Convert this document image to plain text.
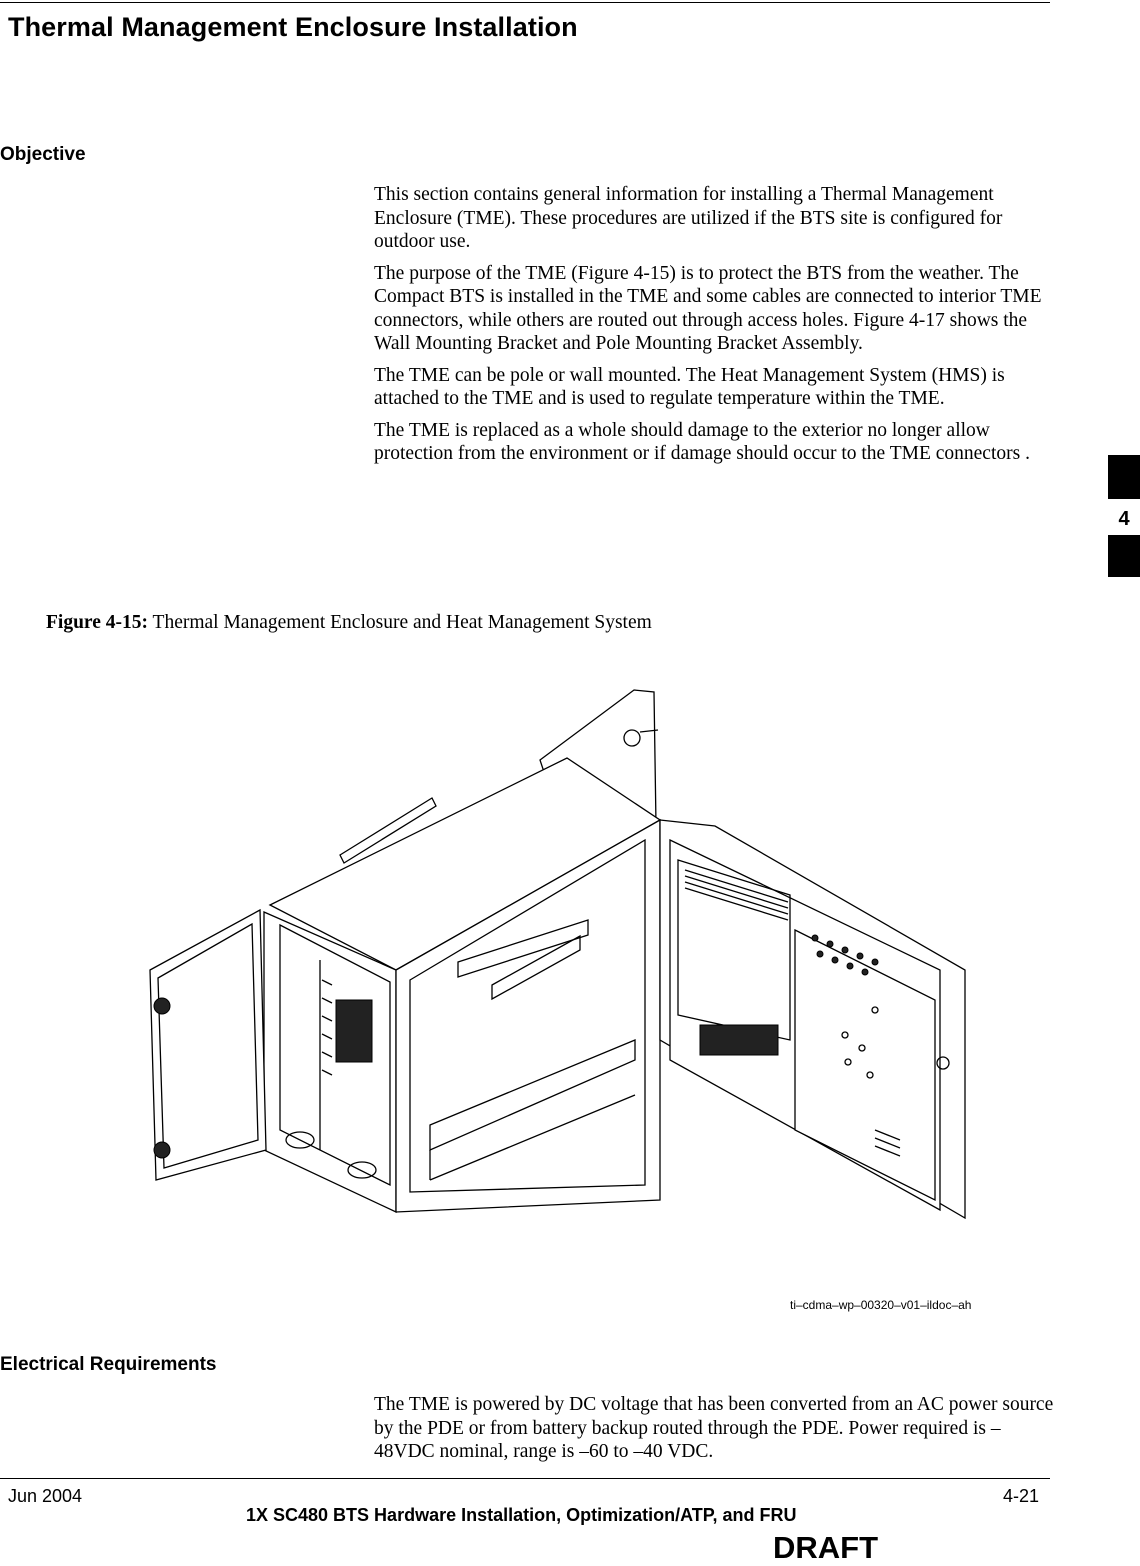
Thermal Management Enclosure Installation
Objective

This section contains general information for installing a Thermal Management Enclosure (TME). These procedures are utilized if the BTS site is configured for outdoor use.

The purpose of the TME (Figure 4-15) is to protect the BTS from the weather. The Compact BTS is installed in the TME and some cables are connected to interior TME connectors, while others are routed out through access holes. Figure 4-17 shows the Wall Mounting Bracket and Pole Mounting Bracket Assembly.

The TME can be pole or wall mounted. The Heat Management System (HMS) is attached to the TME and is used to regulate temperature within the TME.

The TME is replaced as a whole should damage to the exterior no longer allow protection from the environment or if damage should occur to the TME connectors .

Figure 4-15: Thermal Management Enclosure and Heat Management System
ti–cdma–wp–00320–v01–ildoc–ah
Electrical Requirements

The TME is powered by DC voltage that has been converted from an AC power source by the PDE or from battery backup routed through the PDE. Power required is –48VDC nominal, range is –60 to –40 VDC.

4
Jun 2004
1X SC480 BTS Hardware Installation, Optimization/ATP, and FRU
4-21
DRAFT
